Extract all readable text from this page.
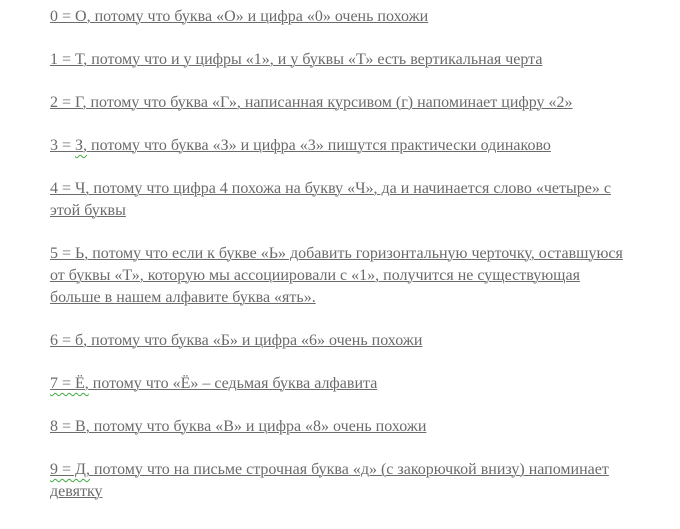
0 = О, потому что буква «О» и цифра «0» очень похожи

1 = Т, потому что и у цифры «1», и у буквы «Т» есть вертикальная черта

2 = Г, потому что буква «Г», написанная курсивом (г) напоминает цифру «2»

3 = З, потому что буква «З» и цифра «3» пишутся практически одинаково

4 = Ч, потому что цифра 4 похожа на букву «Ч», да и начинается слово «четыре» с этой буквы

5 = Ь, потому что если к букве «Ь» добавить горизонтальную черточку, оставшуюся от буквы «Т», которую мы ассоциировали с «1», получится не существующая больше в нашем алфавите буква «ять».

6 = б, потому что буква «Б» и цифра «6» очень похожи

7 = Ё, потому что «Ё» – седьмая буква алфавита

8 = В, потому что буква «В» и цифра «8» очень похожи

9 = Д, потому что на письме строчная буква «д» (с закорючкой внизу) напоминает девятку
